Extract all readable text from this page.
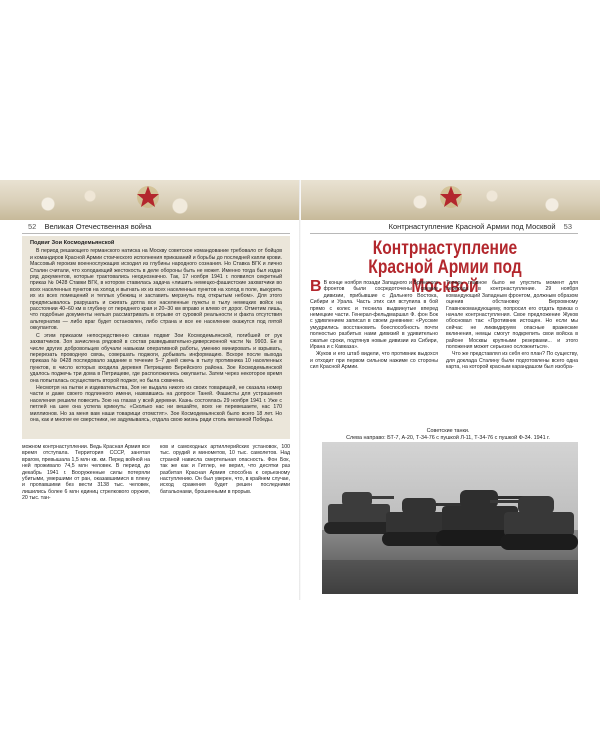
52 Великая Отечественная война	Контрнаступление Красной Армии под Москвой 53
Подвиг Зои Космодемьянской

В период решающего германского натиска на Москву советское командование требовало от бойцов и командиров Красной Армии стоического исполнения приказаний и борьбы до последней капли крови. Массовый героизм военнослужащих исходил из глубины народного сознания. Но Ставка ВГК и лично Сталин считали, что холодающий жестокость в деле обороны быть не может. Именно тогда был издан ряд документов, которые трактовались неоднозначно. Так, 17 ноября 1941 г. появился секретный приказ № 0428 Ставки ВГК, в котором ставилась задача «лишить немецко-фашистские захватчики во всех населенных пунктов на холод и выгнать их из всех населенных пунктов на холод в поле, выкурить их из всех помещений и теплых убежищ и заставить мерзнуть под открытым небом». Для этого предписывалось разрушать и сжигать дотла все населенные пункты в тылу немецких войск на расстоянии 40–60 км в глубину от переднего края и 20–30 км вправо и влево от дорог. Отметим лишь, что подобные документы нельзя рассматривать в отрыве от суровой реальности и факта отсутствия альтернатив — либо враг будет остановлен, либо страна и все ее население окажутся под пятой оккупантов.

С этим приказом непосредственно связан подвиг Зои Космодемьянской, погибшей от рук захватчиков. Зоя зачислена рядовой в состав разведывательно-диверсионной части № 9903. Ее в числе других добровольцев обучали навыкам оперативной работы, умению минировать и взрывать, перерезать проводную связь, совершать поджоги, добывать информацию. Вскоре после выхода приказа № 0428 последовало задание в течение 5–7 дней сжечь в тылу противника 10 населенных пунктов, в число которых входила деревня Петрищево Верейского района. Зое Космодемьянской удалось поджечь три дома в Петрищеве, где расположились оккупанты. Затем через некоторое время она попыталась осуществить второй поджог, но была схвачена.

Несмотря на пытки и издевательства, Зоя не выдала никого из своих товарищей, не сказала номер части и даже своего подлинного имени, назвавшись на допросе Таней. Фашисты для устрашения населения решили повесить Зою на глазах у всей деревни. Казнь состоялась 29 ноября 1941 г. Уже с петлей на шее она успела крикнуть: «Сколько нас ни вешайте, всех не перевешаете, нас 170 миллионов. Но за меня вам наши товарищи отомстят». Зое Космодемьянской было всего 18 лет. Но она, как и многие ее сверстники, не задумываясь, отдала свою жизнь ради столь желанной Победы.

можном контрнаступлении. Ведь Красная Армия все время отступала. Территория СССР, занятая врагом, превышала 1,5 млн кв. км. Перед войной на ней проживало 74,5 млн человек. В период до декабрь 1941 г. Вооруженные силы потеряли убитыми, умершими от ран, оказавшимися в плену и пропавшими без вести 3138 тыс. человек, лишились более 6 млн единиц стрелкового оружия, 20 тыс. тан-

ков и самоходных артиллерийских установок, 100 тыс. орудий и минометов, 10 тыс. самолетов. Над страной нависла смертельная опасность. Фон Бок, так же как и Гитлер, не верил, что десятки раз разбитая Красная Армия способна к серьезному наступлению. Он был уверен, что, в крайнем случае, исход сражения будет решен последними батальонами, брошенными в прорыв.

Контрнаступление
Красной Армии под Москвой

В В конце ноября позади Западного и Брянского фронтов были сосредоточены свежие дивизии, прибывшие с Дальнего Востока, Сибири и Урала. Часть этих сил вступила в бой прямо с колес и теснила выдвинутые вперед немецкие части. Генерал-фельдмаршал Ф. фон Бок с удивлением записал в своем дневнике: «Русские умудрились восстановить боеспособность почти полностью разбитых нами дивизий в удивительно сжатые сроки, подтянув новые дивизии из Сибири, Ирана и с Кавказа».

Жуков и его штаб видели, что противник выдохся и отходит при первом сильном нажиме со стороны сил Красной Армии.

Теперь главное было не упустить момент для перехода в контрнаступление. 29 ноября командующий Западным фронтом, должным образом оценив обстановку Верховному Главнокомандующему, попросил его отдать приказ о начале контрнаступления. Свое предложение Жуков обосновал так: «Противник истощен. Но если мы сейчас не ликвидируем опасные вражеские вклинения, немцы смогут подкрепить свои войска в районе Москвы крупными резервами... и этого положения может серьезно осложниться».

Что же представлял из себя его план? По существу, для доклада Сталину были подготовлены всего одна карта, на которой красным карандашом был изобра-

Советские танки.
Слева направо: БТ-7, А-20, Т-34-76 с пушкой Л-11, Т-34-76 с пушкой Ф-34. 1941 г.
